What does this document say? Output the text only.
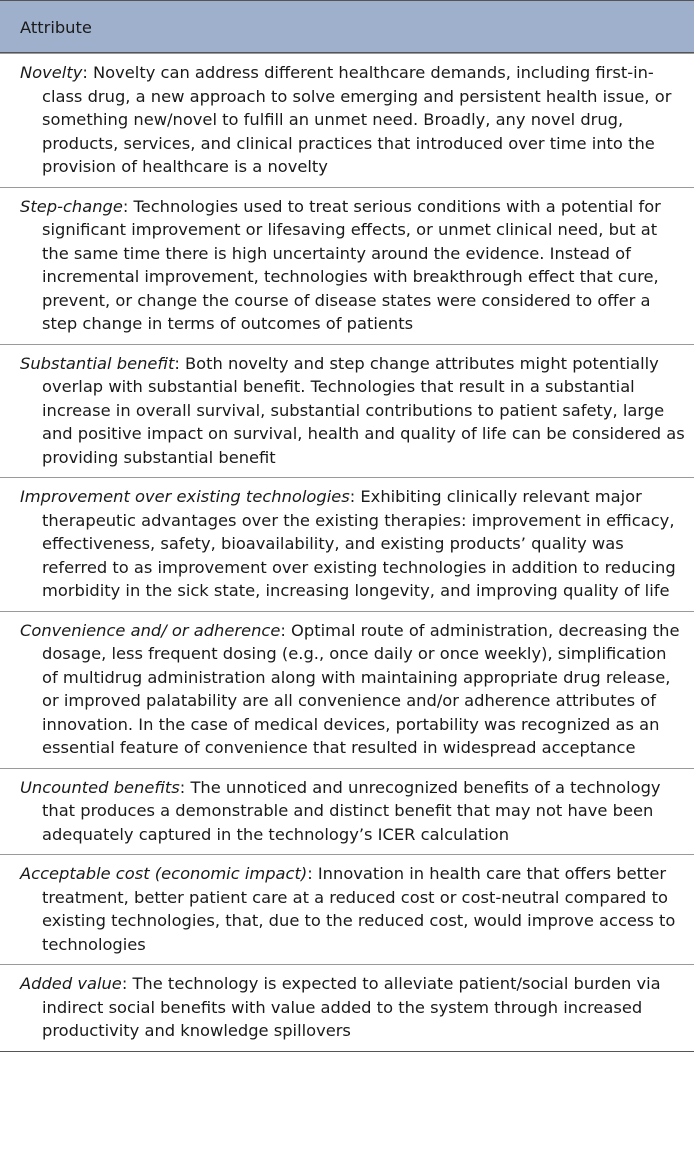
Attribute

Novelty: Novelty can address different healthcare demands, including first-in-class drug, a new approach to solve emerging and persistent health issue, or something new/novel to fulfill an unmet need. Broadly, any novel drug, products, services, and clinical practices that introduced over time into the provision of healthcare is a novelty

Step-change: Technologies used to treat serious conditions with a potential for significant improvement or lifesaving effects, or unmet clinical need, but at the same time there is high uncertainty around the evidence. Instead of incremental improvement, technologies with breakthrough effect that cure, prevent, or change the course of disease states were considered to offer a step change in terms of outcomes of patients

Substantial benefit: Both novelty and step change attributes might potentially overlap with substantial benefit. Technologies that result in a substantial increase in overall survival, substantial contributions to patient safety, large and positive impact on survival, health and quality of life can be considered as providing substantial benefit

Improvement over existing technologies: Exhibiting clinically relevant major therapeutic advantages over the existing therapies: improvement in efficacy, effectiveness, safety, bioavailability, and existing products’ quality was referred to as improvement over existing technologies in addition to reducing morbidity in the sick state, increasing longevity, and improving quality of life

Convenience and/ or adherence: Optimal route of administration, decreasing the dosage, less frequent dosing (e.g., once daily or once weekly), simplification of multidrug administration along with maintaining appropriate drug release, or improved palatability are all convenience and/or adherence attributes of innovation. In the case of medical devices, portability was recognized as an essential feature of convenience that resulted in widespread acceptance

Uncounted benefits: The unnoticed and unrecognized benefits of a technology that produces a demonstrable and distinct benefit that may not have been adequately captured in the technology’s ICER calculation

Acceptable cost (economic impact): Innovation in health care that offers better treatment, better patient care at a reduced cost or cost-neutral compared to existing technologies, that, due to the reduced cost, would improve access to technologies

Added value: The technology is expected to alleviate patient/social burden via indirect social benefits with value added to the system through increased productivity and knowledge spillovers
